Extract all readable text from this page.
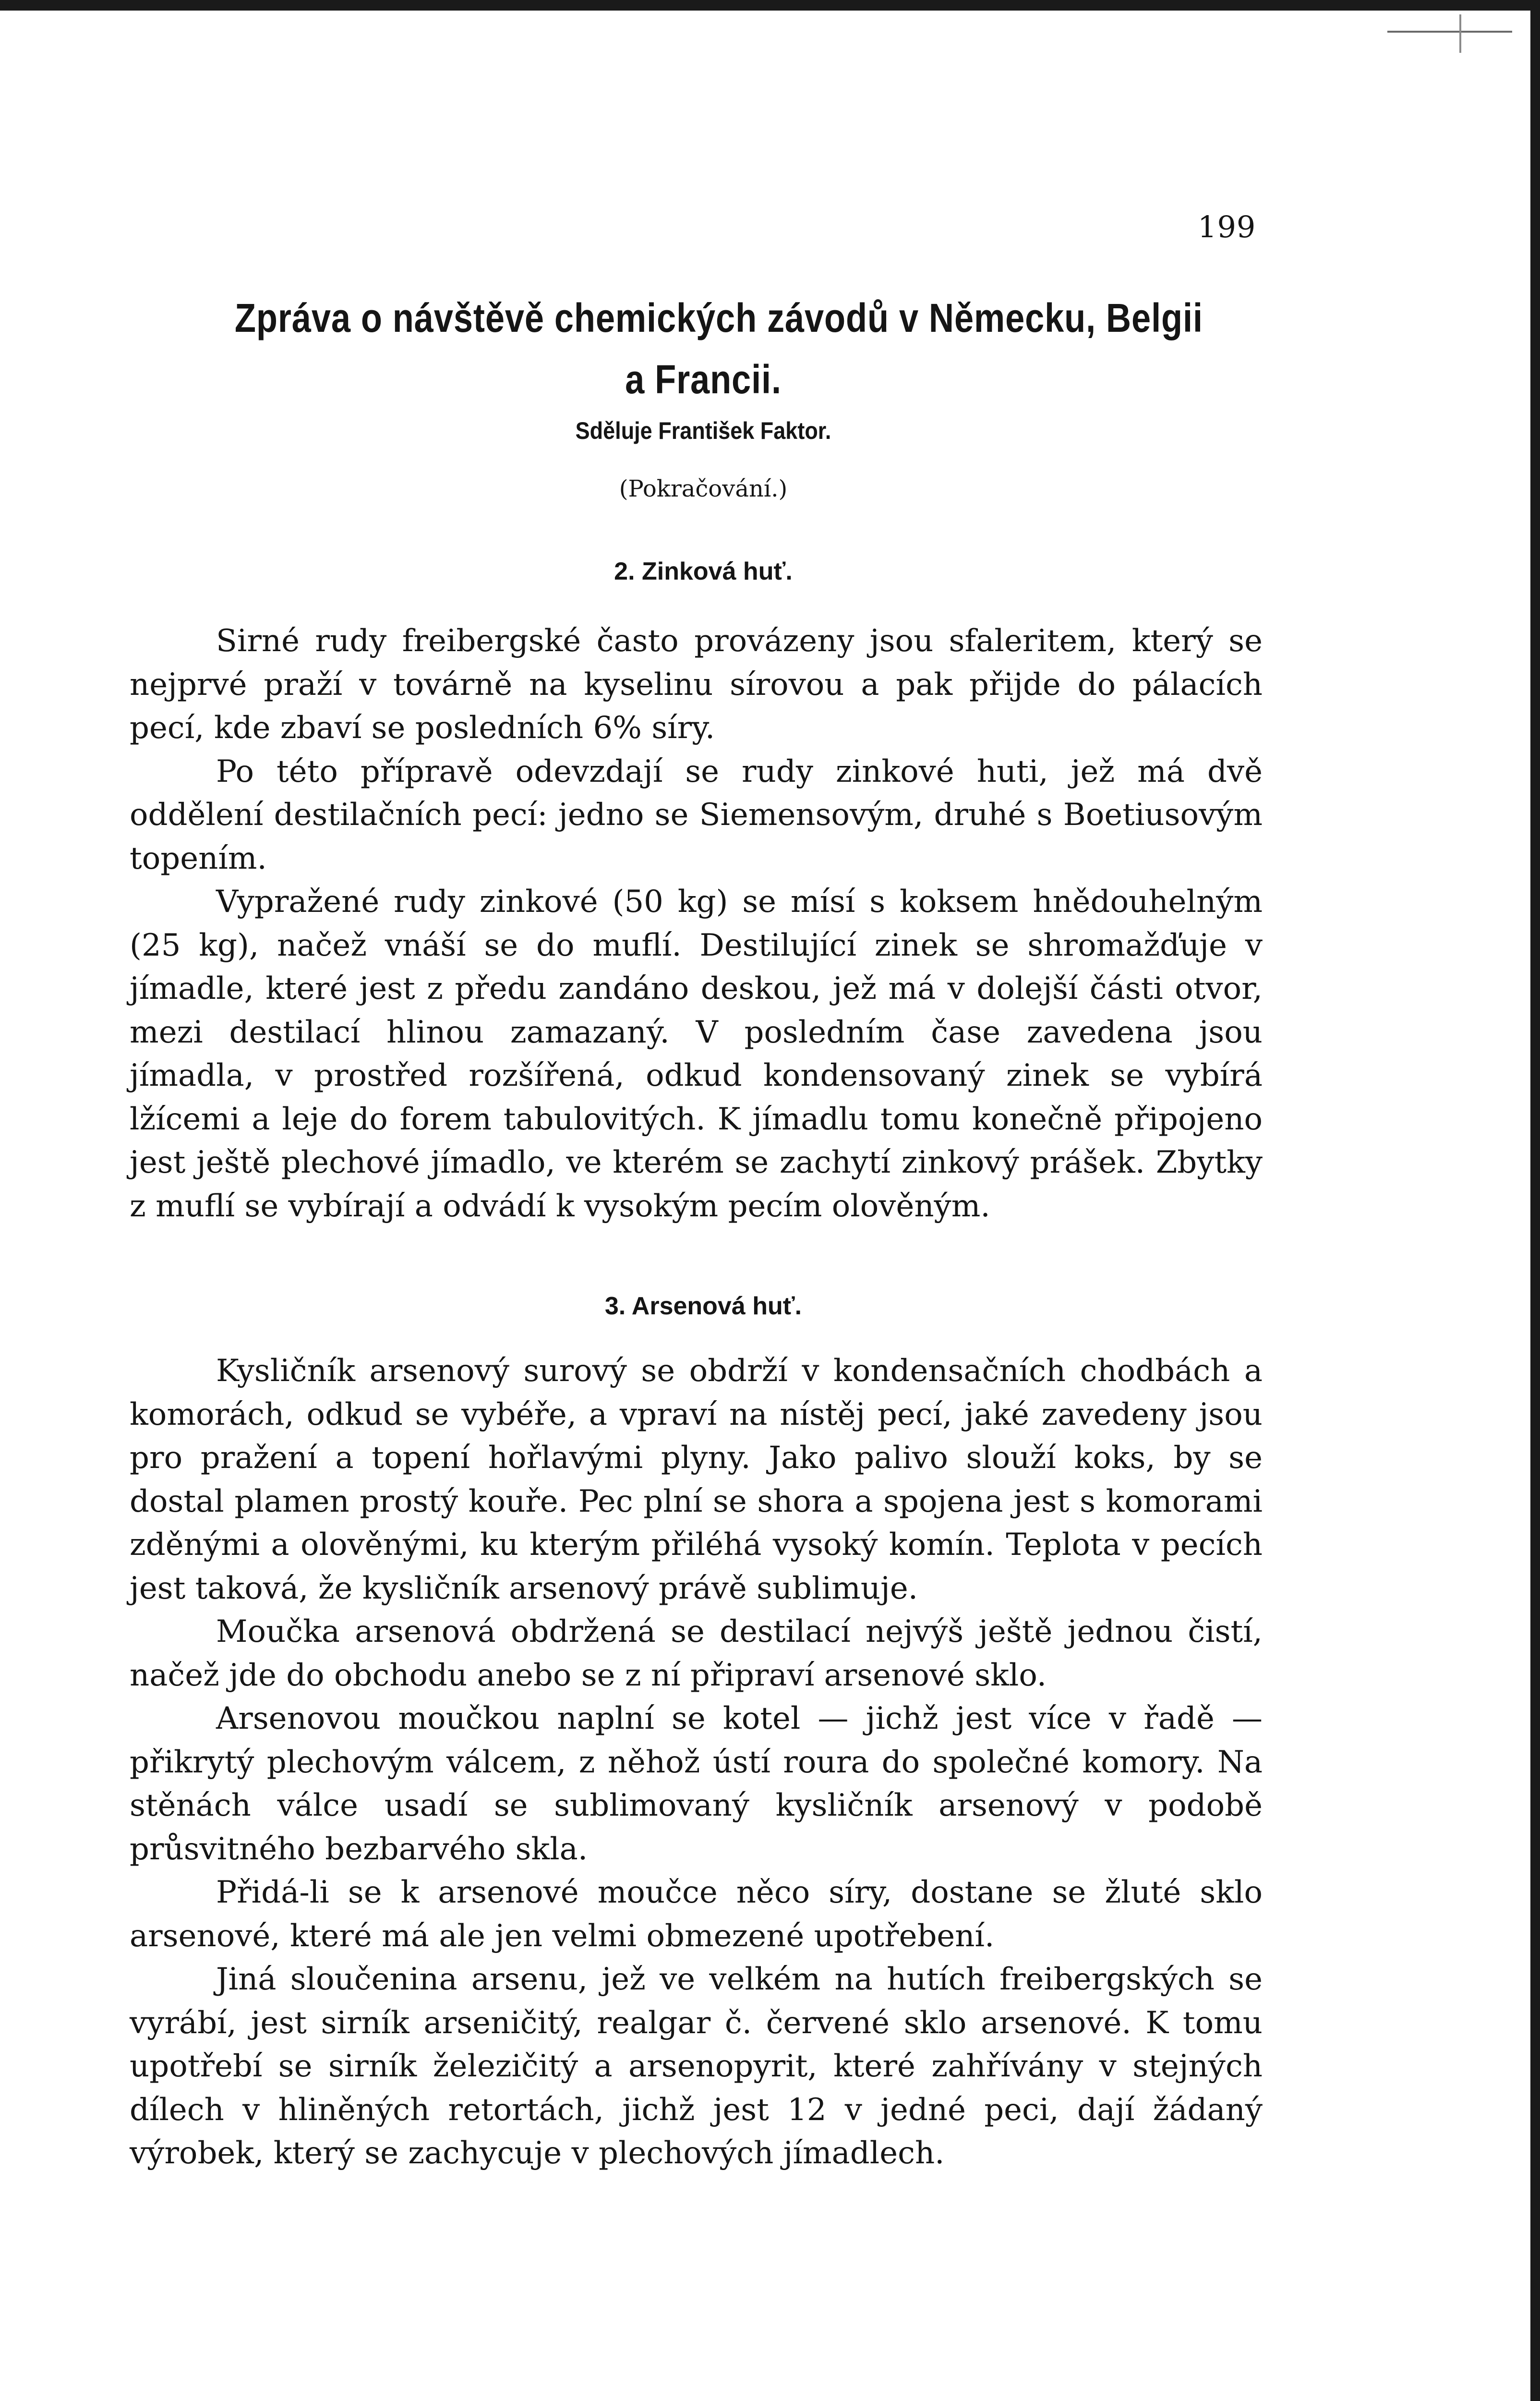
199
Zpráva o návštěvě chemických závodů v Německu, Belgii
a Francii.
Sděluje František Faktor.
(Pokračování.)
2. Zinková huť.

Sirné rudy freibergské často provázeny jsou sfaleritem, který se nejprvé praží v továrně na kyselinu sírovou a pak přijde do pálacích pecí, kde zbaví se posledních 6% síry.

Po této přípravě odevzdají se rudy zinkové huti, jež má dvě oddělení destilačních pecí: jedno se Siemensovým, druhé s Boetiusovým topením.

Vypražené rudy zinkové (50 kg) se mísí s koksem hnědouhelným (25 kg), načež vnáší se do muflí. Destilující zinek se shromažďuje v jímadle, které jest z předu zandáno deskou, jež má v dolejší části otvor, mezi destilací hlinou zamazaný. V posledním čase zavedena jsou jímadla, v prostřed rozšířená, odkud kondensovaný zinek se vybírá lžícemi a leje do forem tabulovitých. K jímadlu tomu konečně připojeno jest ještě plechové jímadlo, ve kterém se zachytí zinkový prášek. Zbytky z muflí se vybírají a odvádí k vysokým pecím olověným.

3. Arsenová huť.

Kysličník arsenový surový se obdrží v kondensačních chodbách a komorách, odkud se vybéře, a vpraví na nístěj pecí, jaké zavedeny jsou pro pražení a topení hořlavými plyny. Jako palivo slouží koks, by se dostal plamen prostý kouře. Pec plní se shora a spojena jest s komorami zděnými a olověnými, ku kterým přiléhá vysoký komín. Teplota v pecích jest taková, že kysličník arsenový právě sublimuje.

Moučka arsenová obdržená se destilací nejvýš ještě jednou čistí, načež jde do obchodu anebo se z ní připraví arsenové sklo.

Arsenovou moučkou naplní se kotel — jichž jest více v řadě — přikrytý plechovým válcem, z něhož ústí roura do společné komory. Na stěnách válce usadí se sublimovaný kysličník arsenový v podobě průsvitného bezbarvého skla.

Přidá-li se k arsenové moučce něco síry, dostane se žluté sklo arsenové, které má ale jen velmi obmezené upotřebení.

Jiná sloučenina arsenu, jež ve velkém na hutích freibergských se vyrábí, jest sirník arseničitý, realgar č. červené sklo arsenové. K tomu upotřebí se sirník železičitý a arsenopyrit, které zahřívány v stejných dílech v hliněných retortách, jichž jest 12 v jedné peci, dají žádaný výrobek, který se zachycuje v plechových jímadlech.
